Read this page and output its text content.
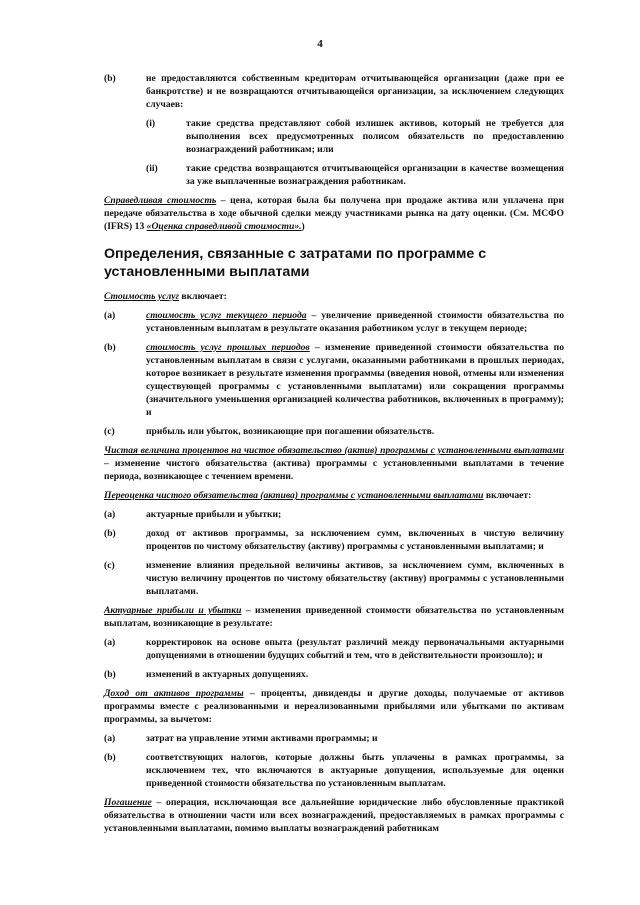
4
(b)	не предоставляются собственным кредиторам отчитывающейся организации (даже при ее банкротстве) и не возвращаются отчитывающейся организации, за исключением следующих случаев:
(i)	такие средства представляют собой излишек активов, который не требуется для выполнения всех предусмотренных полисом обязательств по предоставлению вознаграждений работникам; или
(ii)	такие средства возвращаются отчитывающейся организации в качестве возмещения за уже выплаченные вознаграждения работникам.
Справедливая стоимость – цена, которая была бы получена при продаже актива или уплачена при передаче обязательства в ходе обычной сделки между участниками рынка на дату оценки. (См. МСФО (IFRS) 13 «Оценка справедливой стоимости».)
Определения, связанные с затратами по программе с установленными выплатами
Стоимость услуг включает:
(a)	стоимость услуг текущего периода – увеличение приведенной стоимости обязательства по установленным выплатам в результате оказания работником услуг в текущем периоде;
(b)	стоимость услуг прошлых периодов – изменение приведенной стоимости обязательства по установленным выплатам в связи с услугами, оказанными работниками в прошлых периодах, которое возникает в результате изменения программы (введения новой, отмены или изменения существующей программы с установленными выплатами) или сокращения программы (значительного уменьшения организацией количества работников, включенных в программу); и
(c)	прибыль или убыток, возникающие при погашении обязательств.
Чистая величина процентов на чистое обязательство (актив) программы с установленными выплатами – изменение чистого обязательства (актива) программы с установленными выплатами в течение периода, возникающее с течением времени.
Переоценка чистого обязательства (актива) программы с установленными выплатами включает:
(a)	актуарные прибыли и убытки;
(b)	доход от активов программы, за исключением сумм, включенных в чистую величину процентов по чистому обязательству (активу) программы с установленными выплатами; и
(c)	изменение влияния предельной величины активов, за исключением сумм, включенных в чистую величину процентов по чистому обязательству (активу) программы с установленными выплатами.
Актуарные прибыли и убытки – изменения приведенной стоимости обязательства по установленным выплатам, возникающие в результате:
(a)	корректировок на основе опыта (результат различий между первоначальными актуарными допущениями в отношении будущих событий и тем, что в действительности произошло); и
(b)	изменений в актуарных допущениях.
Доход от активов программы – проценты, дивиденды и другие доходы, получаемые от активов программы вместе с реализованными и нереализованными прибылями или убытками по активам программы, за вычетом:
(a)	затрат на управление этими активами программы; и
(b)	соответствующих налогов, которые должны быть уплачены в рамках программы, за исключением тех, что включаются в актуарные допущения, используемые для оценки приведенной стоимости обязательства по установленным выплатам.
Погашение – операция, исключающая все дальнейшие юридические либо обусловленные практикой обязательства в отношении части или всех вознаграждений, предоставляемых в рамках программы с установленными выплатами, помимо выплаты вознаграждений работникам
